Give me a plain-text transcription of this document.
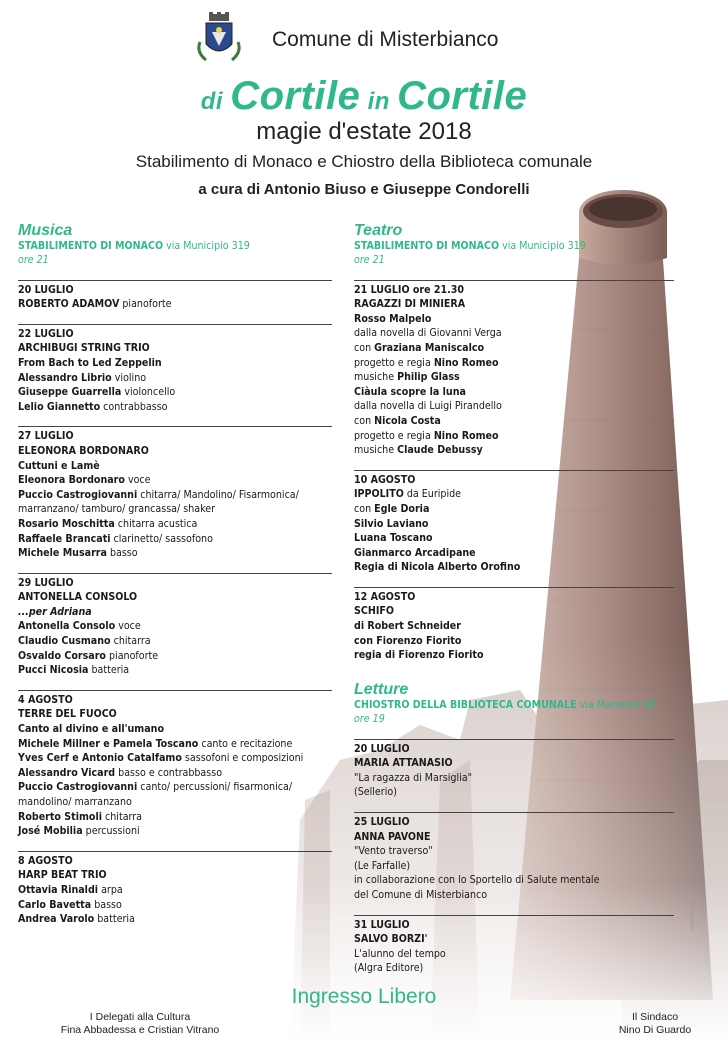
Comune di Misterbianco
di Cortile in Cortile
magie d'estate 2018
Stabilimento di Monaco e Chiostro della Biblioteca comunale
a cura di Antonio Biuso e Giuseppe Condorelli
Musica
STABILIMENTO DI MONACO via Municipio 319
ore 21
20 LUGLIO
ROBERTO ADAMOV pianoforte
22 LUGLIO
ARCHIBUGI STRING TRIO
From Bach to Led Zeppelin
Alessandro Librio violino
Giuseppe Guarrella violoncello
Lelio Giannetto contrabbasso
27 LUGLIO
ELEONORA BORDONARO
Cuttuni e Lamè
Eleonora Bordonaro voce
Puccio Castrogiovanni chitarra/ Mandolino/ Fisarmonica/
marranzano/ tamburo/ grancassa/ shaker
Rosario Moschitta chitarra acustica
Raffaele Brancati clarinetto/ sassofono
Michele Musarra basso
29 LUGLIO
ANTONELLA CONSOLO
...per Adriana
Antonella Consolo voce
Claudio Cusmano chitarra
Osvaldo Corsaro pianoforte
Pucci Nicosia batteria
4 AGOSTO
TERRE DEL FUOCO
Canto al divino e all'umano
Michele Millner e Pamela Toscano canto e recitazione
Yves Cerf e Antonio Catalfamo sassofoni e composizioni
Alessandro Vicard basso e contrabbasso
Puccio Castrogiovanni canto/ percussioni/ fisarmonica/
mandolino/ marranzano
Roberto Stimoli chitarra
José Mobilia percussioni
8 AGOSTO
HARP BEAT TRIO
Ottavia Rinaldi arpa
Carlo Bavetta basso
Andrea Varolo batteria
Teatro
STABILIMENTO DI MONACO via Municipio 319
ore 21
21 LUGLIO ore 21.30
RAGAZZI DI MINIERA
Rosso Malpelo
dalla novella di Giovanni Verga
con Graziana Maniscalco
progetto e regia Nino Romeo
musiche Philip Glass
Ciàula scopre la luna
dalla novella di Luigi Pirandello
con Nicola Costa
progetto e regia Nino Romeo
musiche Claude Debussy
10 AGOSTO
IPPOLITO da Euripide
con Egle Doria
Silvio Laviano
Luana Toscano
Gianmarco Arcadipane
Regia di Nicola Alberto Orofino
12 AGOSTO
SCHIFO
di Robert Schneider
con Fiorenzo Fiorito
regia di Fiorenzo Fiorito
Letture
CHIOSTRO DELLA BIBLIOTECA COMUNALE via Matteotti 68
ore 19
20 LUGLIO
MARIA ATTANASIO
"La ragazza di Marsiglia"
(Sellerio)
25 LUGLIO
ANNA PAVONE
"Vento traverso"
(Le Farfalle)
in collaborazione con lo Sportello di Salute mentale
del Comune di Misterbianco
31 LUGLIO
SALVO BORZI'
L'alunno del tempo
(Algra Editore)
Ingresso Libero
I Delegati alla Cultura
Fina Abbadessa e Cristian Vitrano
Il Sindaco
Nino Di Guardo
GRAFICA Sgt
